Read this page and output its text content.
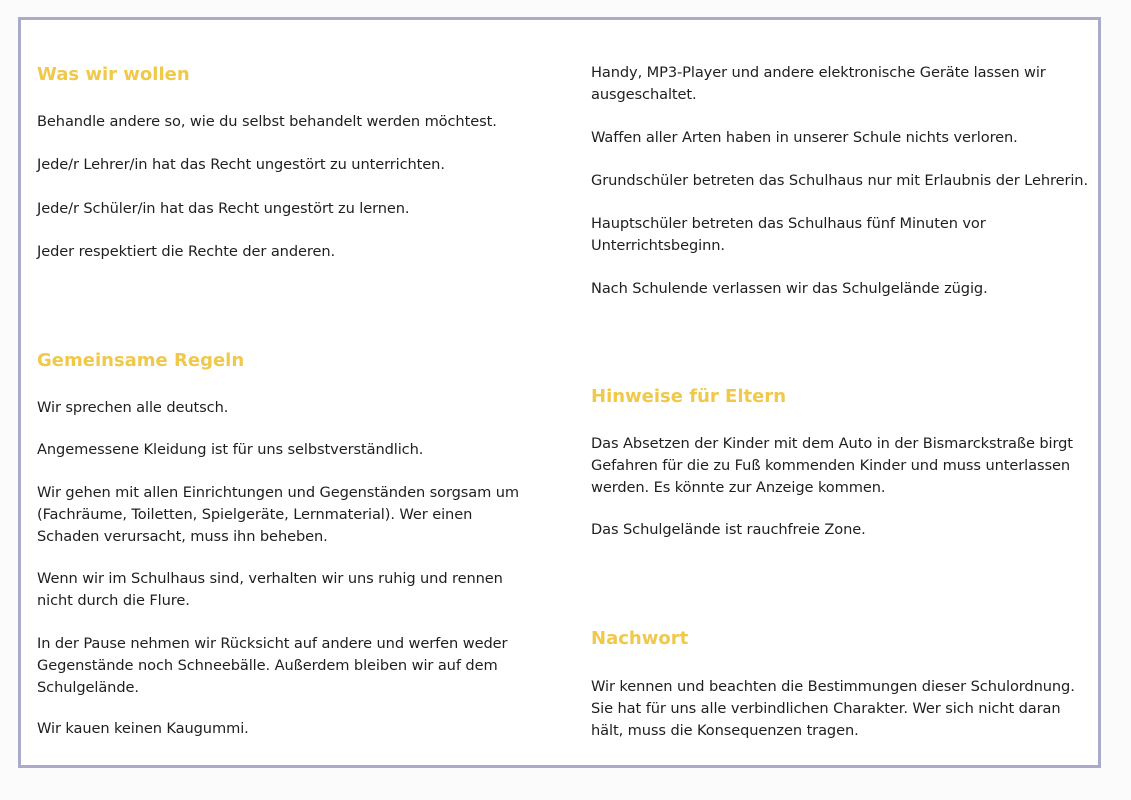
Was wir wollen

Behandle andere so, wie du selbst behandelt werden möchtest.

Jede/r Lehrer/in hat das Recht ungestört zu unterrichten.

Jede/r Schüler/in hat das Recht ungestört zu lernen.

Jeder respektiert die Rechte der anderen.

Gemeinsame Regeln

Wir sprechen alle deutsch.

Angemessene Kleidung ist für uns selbstverständlich.

Wir gehen mit allen Einrichtungen und Gegenständen sorgsam um (Fachräume, Toiletten, Spielgeräte, Lernmaterial). Wer einen Schaden verursacht, muss ihn beheben.

Wenn wir im Schulhaus sind, verhalten wir uns ruhig und rennen nicht durch die Flure.

In der Pause nehmen wir Rücksicht auf andere und werfen weder Gegenstände noch Schneebälle. Außerdem bleiben wir auf dem Schulgelände.

Wir kauen keinen Kaugummi.

Handy, MP3-Player und andere elektronische Geräte lassen wir ausgeschaltet.

Waffen aller Arten haben in unserer Schule nichts verloren.

Grundschüler betreten das Schulhaus nur mit Erlaubnis der Lehrerin.

Hauptschüler betreten das Schulhaus fünf Minuten vor Unterrichtsbeginn.

Nach Schulende verlassen wir das Schulgelände zügig.

Hinweise für Eltern

Das Absetzen der Kinder mit dem Auto in der Bismarckstraße birgt Gefahren für die zu Fuß kommenden Kinder und muss unterlassen werden. Es könnte zur Anzeige kommen.

Das Schulgelände ist rauchfreie Zone.

Nachwort

Wir kennen und beachten die Bestimmungen dieser Schulordnung. Sie hat für uns alle verbindlichen Charakter. Wer sich nicht daran hält, muss die Konsequenzen tragen.
